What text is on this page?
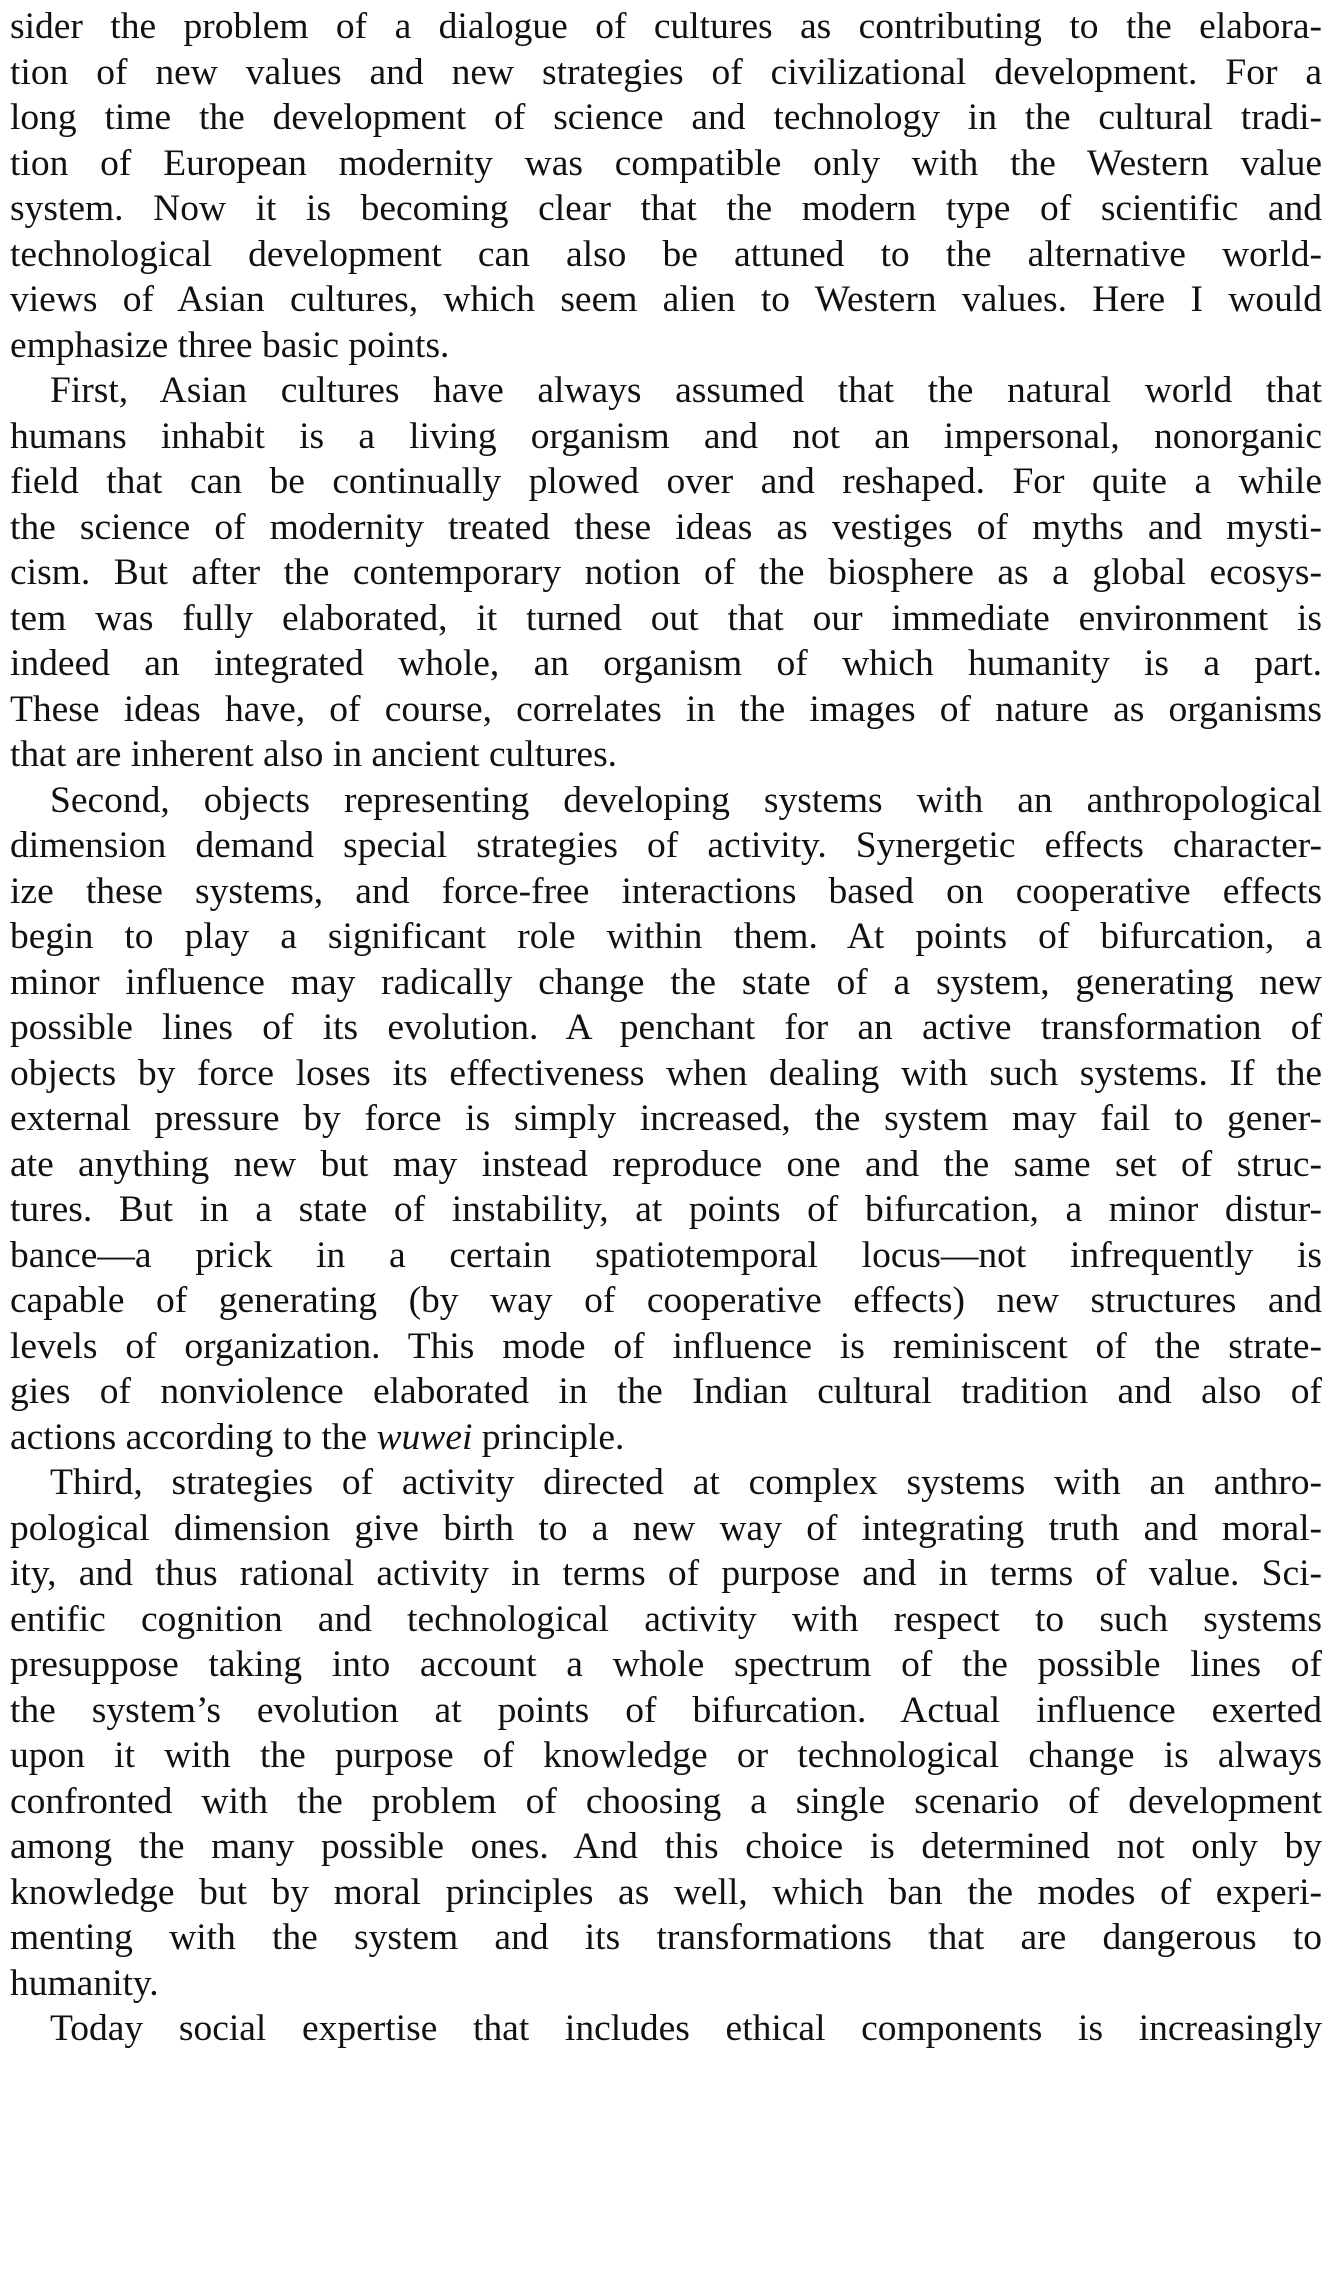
sider the problem of a dialogue of cultures as contributing to the elabora-
tion of new values and new strategies of civilizational development. For a
long time the development of science and technology in the cultural tradi-
tion of European modernity was compatible only with the Western value
system. Now it is becoming clear that the modern type of scientific and
technological development can also be attuned to the alternative world-
views of Asian cultures, which seem alien to Western values. Here I would
emphasize three basic points.

First, Asian cultures have always assumed that the natural world that
humans inhabit is a living organism and not an impersonal, nonorganic
field that can be continually plowed over and reshaped. For quite a while
the science of modernity treated these ideas as vestiges of myths and mysti-
cism. But after the contemporary notion of the biosphere as a global ecosys-
tem was fully elaborated, it turned out that our immediate environment is
indeed an integrated whole, an organism of which humanity is a part.
These ideas have, of course, correlates in the images of nature as organisms
that are inherent also in ancient cultures.

Second, objects representing developing systems with an anthropological
dimension demand special strategies of activity. Synergetic effects character-
ize these systems, and force-free interactions based on cooperative effects
begin to play a significant role within them. At points of bifurcation, a
minor influence may radically change the state of a system, generating new
possible lines of its evolution. A penchant for an active transformation of
objects by force loses its effectiveness when dealing with such systems. If the
external pressure by force is simply increased, the system may fail to gener-
ate anything new but may instead reproduce one and the same set of struc-
tures. But in a state of instability, at points of bifurcation, a minor distur-
bance—a prick in a certain spatiotemporal locus—not infrequently is
capable of generating (by way of cooperative effects) new structures and
levels of organization. This mode of influence is reminiscent of the strate-
gies of nonviolence elaborated in the Indian cultural tradition and also of
actions according to the wuwei principle.

Third, strategies of activity directed at complex systems with an anthro-
pological dimension give birth to a new way of integrating truth and moral-
ity, and thus rational activity in terms of purpose and in terms of value. Sci-
entific cognition and technological activity with respect to such systems
presuppose taking into account a whole spectrum of the possible lines of
the system’s evolution at points of bifurcation. Actual influence exerted
upon it with the purpose of knowledge or technological change is always
confronted with the problem of choosing a single scenario of development
among the many possible ones. And this choice is determined not only by
knowledge but by moral principles as well, which ban the modes of experi-
menting with the system and its transformations that are dangerous to
humanity.

Today social expertise that includes ethical components is increasingly
